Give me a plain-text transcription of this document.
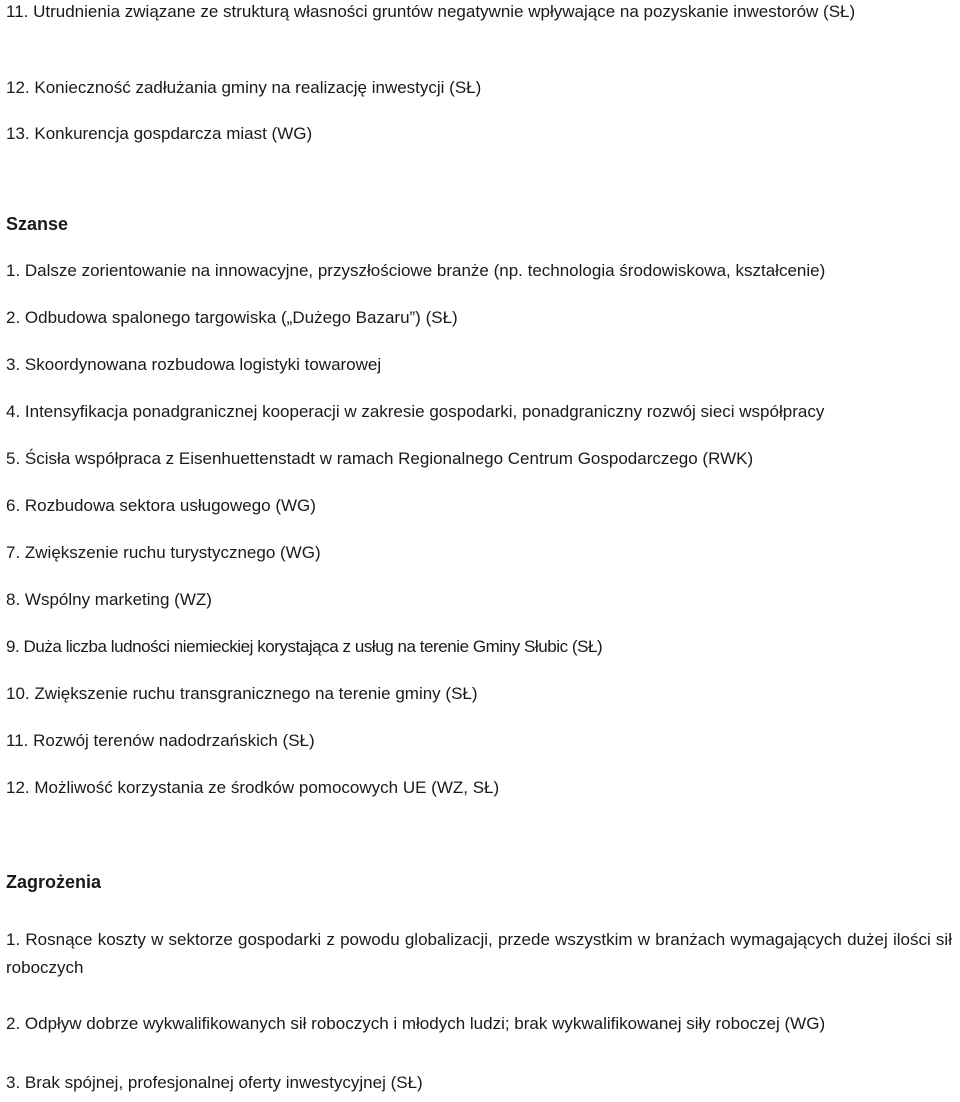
11. Utrudnienia związane ze strukturą własności gruntów negatywnie wpływające na pozyskanie inwestorów (SŁ)
12. Konieczność zadłużania gminy na realizację inwestycji (SŁ)
13. Konkurencja gospdarcza miast (WG)
Szanse
1. Dalsze zorientowanie na innowacyjne, przyszłościowe branże (np. technologia środowiskowa, kształcenie)
2. Odbudowa spalonego targowiska („Dużego Bazaru”) (SŁ)
3. Skoordynowana rozbudowa logistyki towarowej
4. Intensyfikacja ponadgranicznej kooperacji w zakresie gospodarki, ponadgraniczny rozwój sieci współpracy
5. Ścisła współpraca z Eisenhuettenstadt w ramach Regionalnego Centrum Gospodarczego (RWK)
6. Rozbudowa sektora usługowego (WG)
7. Zwiększenie ruchu turystycznego (WG)
8. Wspólny marketing (WZ)
9. Duża liczba ludności niemieckiej korystająca z usług na terenie Gminy Słubic (SŁ)
10. Zwiększenie ruchu transgranicznego na terenie gminy (SŁ)
11. Rozwój terenów nadodrzańskich (SŁ)
12. Możliwość korzystania ze środków pomocowych UE (WZ, SŁ)
Zagrożenia
1. Rosnące koszty w sektorze gospodarki z powodu globalizacji, przede wszystkim w branżach wymagających dużej ilości sił roboczych
2. Odpływ dobrze wykwalifikowanych sił roboczych i młodych ludzi; brak wykwalifikowanej siły roboczej (WG)
3. Brak spójnej, profesjonalnej oferty inwestycyjnej (SŁ)
